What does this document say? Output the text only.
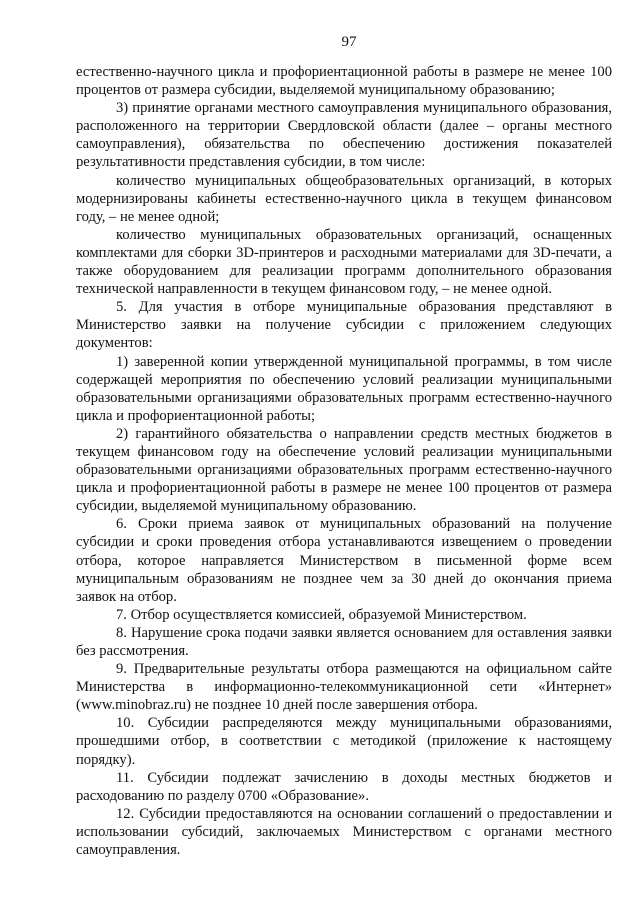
97

естественно-научного цикла и профориентационной работы в размере не менее 100 процентов от размера субсидии, выделяемой муниципальному образованию;

3) принятие органами местного самоуправления муниципального образования, расположенного на территории Свердловской области (далее – органы местного самоуправления), обязательства по обеспечению достижения показателей результативности представления субсидии, в том числе:

количество муниципальных общеобразовательных организаций, в которых модернизированы кабинеты естественно-научного цикла в текущем финансовом году, – не менее одной;

количество муниципальных образовательных организаций, оснащенных комплектами для сборки 3D-принтеров и расходными материалами для 3D-печати, а также оборудованием для реализации программ дополнительного образования технической направленности в текущем финансовом году, – не менее одной.

5. Для участия в отборе муниципальные образования представляют в Министерство заявки на получение субсидии с приложением следующих документов:

1) заверенной копии утвержденной муниципальной программы, в том числе содержащей мероприятия по обеспечению условий реализации муниципальными образовательными организациями образовательных программ естественно-научного цикла и профориентационной работы;

2) гарантийного обязательства о направлении средств местных бюджетов в текущем финансовом году на обеспечение условий реализации муниципальными образовательными организациями образовательных программ естественно-научного цикла и профориентационной работы в размере не менее 100 процентов от размера субсидии, выделяемой муниципальному образованию.

6. Сроки приема заявок от муниципальных образований на получение субсидии и сроки проведения отбора устанавливаются извещением о проведении отбора, которое направляется Министерством в письменной форме всем муниципальным образованиям не позднее чем за 30 дней до окончания приема заявок на отбор.

7. Отбор осуществляется комиссией, образуемой Министерством.

8. Нарушение срока подачи заявки является основанием для оставления заявки без рассмотрения.

9. Предварительные результаты отбора размещаются на официальном сайте Министерства в информационно-телекоммуникационной сети «Интернет» (www.minobraz.ru) не позднее 10 дней после завершения отбора.

10. Субсидии распределяются между муниципальными образованиями, прошедшими отбор, в соответствии с методикой (приложение к настоящему порядку).

11. Субсидии подлежат зачислению в доходы местных бюджетов и расходованию по разделу 0700 «Образование».

12. Субсидии предоставляются на основании соглашений о предоставлении и использовании субсидий, заключаемых Министерством с органами местного самоуправления.
